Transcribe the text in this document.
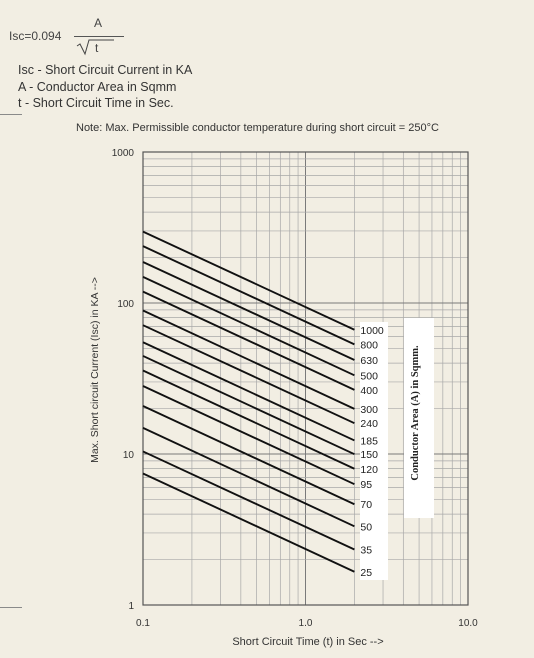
Isc=0.094
A
t
Isc - Short Circuit Current in KA
A - Conductor Area in Sqmm
t - Short Circuit Time in Sec.
Note: Max. Permissible conductor temperature during short circuit = 250°C
1000
800
630
500
400
300
240
185
150
120
95
70
50
35
25
0.1	1.0	10.0
1000
100
10
1
Short Circuit Time (t) in Sec -->
Max. Short circuit Current (Isc) in KA -->	Conductor Area (A) in Sqmm.
